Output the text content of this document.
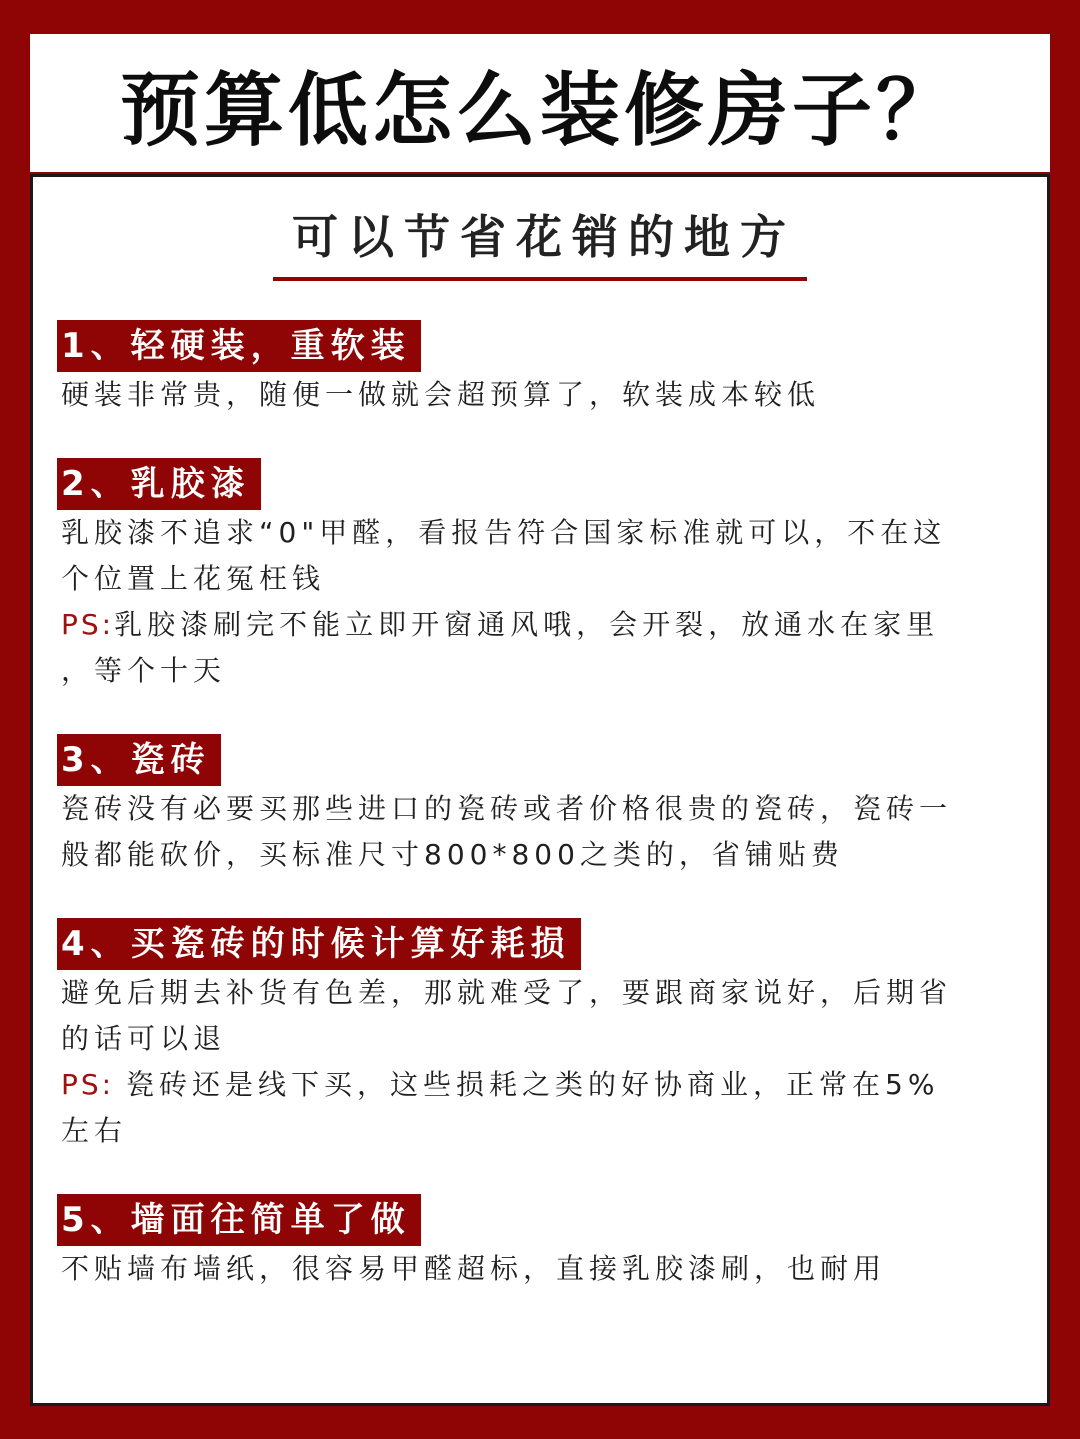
预算低怎么装修房子？
可以节省花销的地方
1、轻硬装，重软装
硬装非常贵，随便一做就会超预算了，软装成本较低
2、乳胶漆
乳胶漆不追求“0"甲醛，看报告符合国家标准就可以，不在这
个位置上花冤枉钱
PS:乳胶漆刷完不能立即开窗通风哦，会开裂，放通水在家里
，等个十天
3、瓷砖
瓷砖没有必要买那些进口的瓷砖或者价格很贵的瓷砖，瓷砖一
般都能砍价，买标准尺寸800*800之类的，省铺贴费
4、买瓷砖的时候计算好耗损
避免后期去补货有色差，那就难受了，要跟商家说好，后期省
的话可以退
PS: 瓷砖还是线下买，这些损耗之类的好协商业，正常在5%
左右
5、墙面往简单了做
不贴墙布墙纸，很容易甲醛超标，直接乳胶漆刷，也耐用
